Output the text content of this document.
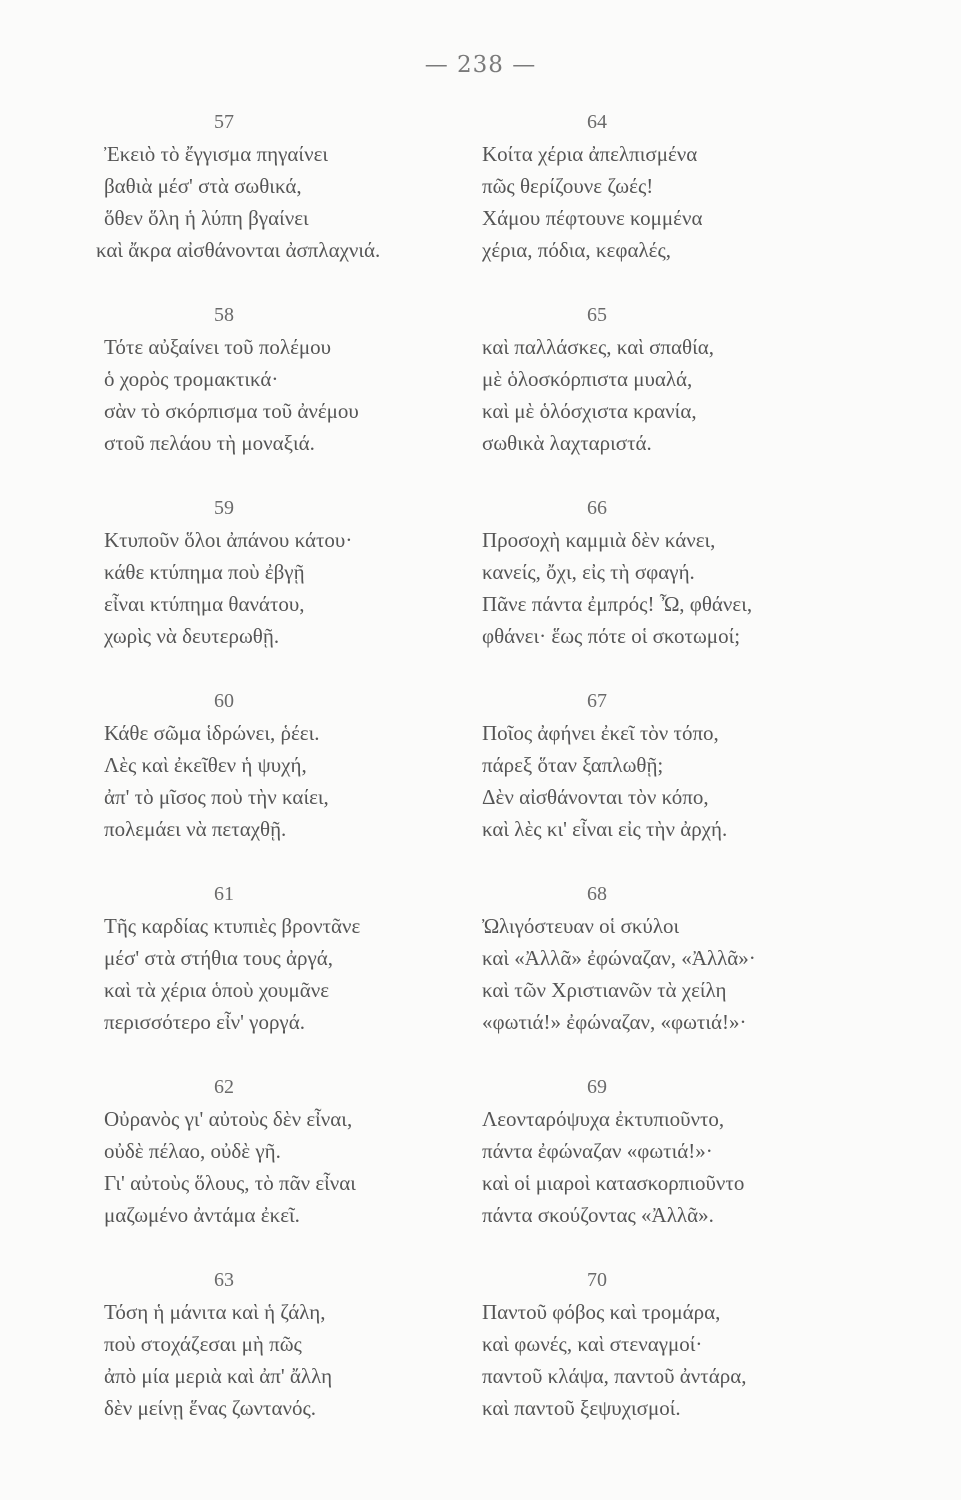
— 238 —
57
Ἐκειὸ τὸ ἔγγισμα πηγαίνει
βαθιὰ μέσ' στὰ σωθικά,
ὅθεν ὅλη ἡ λύπη βγαίνει
καὶ ἄκρα αἰσθάνονται ἀσπλαχνιά.
58
Τότε αὐξαίνει τοῦ πολέμου
ὁ χορὸς τρομακτικά·
σὰν τὸ σκόρπισμα τοῦ ἀνέμου
στοῦ πελάου τὴ μοναξιά.
59
Κτυποῦν ὅλοι ἀπάνου κάτου·
κάθε κτύπημα ποὺ ἐβγῇ
εἶναι κτύπημα θανάτου,
χωρὶς νὰ δευτερωθῇ.
60
Κάθε σῶμα ἱδρώνει, ῥέει.
Λὲς καὶ ἐκεῖθεν ἡ ψυχή,
ἀπ' τὸ μῖσος ποὺ τὴν καίει,
πολεμάει νὰ πεταχθῇ.
61
Τῆς καρδίας κτυπιὲς βροντᾶνε
μέσ' στὰ στήθια τους ἀργά,
καὶ τὰ χέρια ὁποὺ χουμᾶνε
περισσότερο εἶν' γοργά.
62
Οὐρανὸς γι' αὐτοὺς δὲν εἶναι,
οὐδὲ πέλαο, οὐδὲ γῆ.
Γι' αὐτοὺς ὅλους, τὸ πᾶν εἶναι
μαζωμένο ἀντάμα ἐκεῖ.
63
Τόση ἡ μάνιτα καὶ ἡ ζάλη,
ποὺ στοχάζεσαι μὴ πῶς
ἀπὸ μία μεριὰ καὶ ἀπ' ἄλλη
δὲν μείνῃ ἕνας ζωντανός.
64
Κοίτα χέρια ἀπελπισμένα
πῶς θερίζουνε ζωές!
Χάμου πέφτουνε κομμένα
χέρια, πόδια, κεφαλές,
65
καὶ παλλάσκες, καὶ σπαθία,
μὲ ὁλοσκόρπιστα μυαλά,
καὶ μὲ ὁλόσχιστα κρανία,
σωθικὰ λαχταριστά.
66
Προσοχὴ καμμιὰ δὲν κάνει,
κανείς, ὄχι, εἰς τὴ σφαγή.
Πᾶνε πάντα ἐμπρός! Ὦ, φθάνει,
φθάνει· ἕως πότε οἱ σκοτωμοί;
67
Ποῖος ἀφήνει ἐκεῖ τὸν τόπο,
πάρεξ ὅταν ξαπλωθῇ;
Δὲν αἰσθάνονται τὸν κόπο,
καὶ λὲς κι' εἶναι εἰς τὴν ἀρχή.
68
Ὠλιγόστευαν οἱ σκύλοι
καὶ «Ἀλλᾶ» ἐφώναζαν, «Ἀλλᾶ»·
καὶ τῶν Χριστιανῶν τὰ χείλη
«φωτιά!» ἐφώναζαν, «φωτιά!»·
69
Λεονταρόψυχα ἐκτυπιοῦντο,
πάντα ἐφώναζαν «φωτιά!»·
καὶ οἱ μιαροὶ κατασκορπιοῦντο
πάντα σκούζοντας «Ἀλλᾶ».
70
Παντοῦ φόβος καὶ τρομάρα,
καὶ φωνές, καὶ στεναγμοί·
παντοῦ κλάψα, παντοῦ ἀντάρα,
καὶ παντοῦ ξεψυχισμοί.
